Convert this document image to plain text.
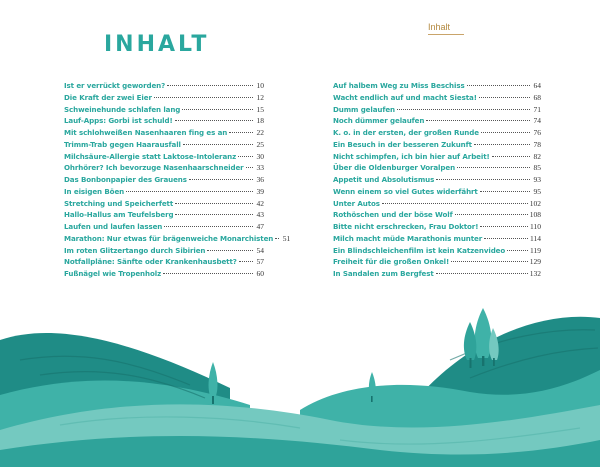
Inhalt
INHALT
Ist er verrückt geworden?	10
Die Kraft der zwei Eier	12
Schweinehunde schlafen lang	15
Lauf-Apps: Gorbi ist schuld!	18
Mit schlohweißen Nasenhaaren fing es an	22
Trimm-Trab gegen Haarausfall	25
Milchsäure-Allergie statt Laktose-Intoleranz	30
Ohrhörer? Ich bevorzuge Nasenhaarschneider 33
Das Bonbonpapier des Grauens	36
In eisigen Böen	39
Stretching und Speicherfett	42
Hallo-Hallus am Teufelsberg	43
Laufen und laufen lassen	47
Marathon: Nur etwas für brägenweiche Monarchisten 51
Im roten Glitzertango durch Sibirien	54
Notfallpläne: Sänfte oder Krankenhausbett?	57
Fußnägel wie Tropenholz	60
Auf halbem Weg zu Miss Beschiss	64
Wacht endlich auf und macht Siesta!	68
Dumm gelaufen	71
Noch dümmer gelaufen	74
K. o. in der ersten, der großen Runde	76
Ein Besuch in der besseren Zukunft	78
Nicht schimpfen, ich bin hier auf Arbeit!	82
Über die Oldenburger Voralpen	85
Appetit und Absolutismus	93
Wenn einem so viel Gutes widerfährt	95
Unter Autos	102
Rothöschen und der böse Wolf	108
Bitte nicht erschrecken, Frau Doktor!	110
Milch macht müde Marathonis munter	114
Ein Blindschleichenfilm ist kein Katzenvideo	119
Freiheit für die großen Onkel!	129
In Sandalen zum Bergfest	132
